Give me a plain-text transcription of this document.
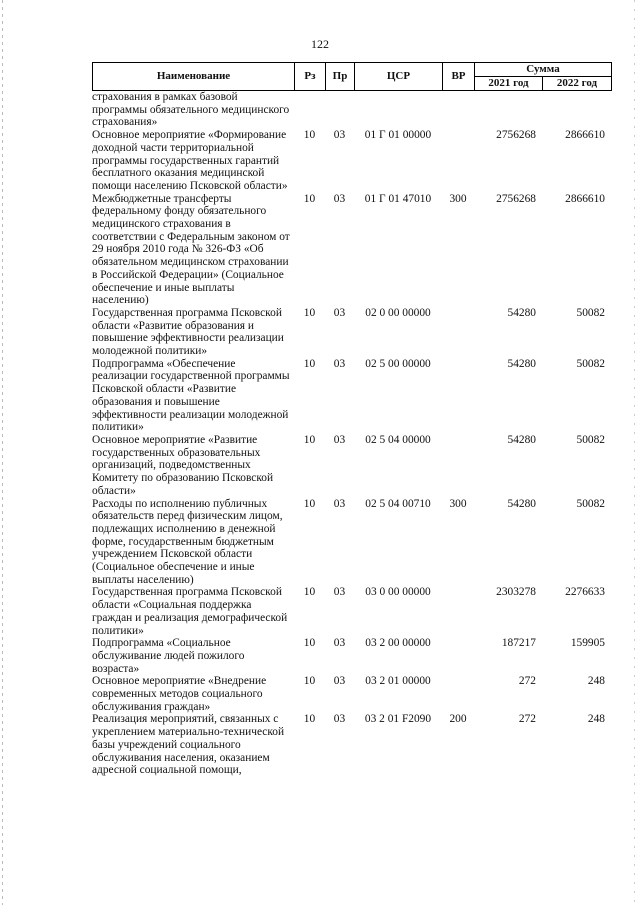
122
Наименование	Рз	Пр	ЦСР	ВР	Сумма	
					2021 год	2022 год
страхования в рамках базовой программы обязательного медицинского страхования»						
Основное мероприятие «Формирование доходной части территориальной программы государственных гарантий бесплатного оказания медицинской помощи населению Псковской области»	10	03	01 Г 01 00000		2756268	2866610
Межбюджетные трансферты федеральному фонду обязательного медицинского страхования в соответствии с Федеральным законом от 29 ноября 2010 года № 326-ФЗ «Об обязательном медицинском страховании в Российской Федерации» (Социальное обеспечение и иные выплаты населению)	10	03	01 Г 01 47010	300	2756268	2866610
Государственная программа Псковской области «Развитие образования и повышение эффективности реализации молодежной политики»	10	03	02 0 00 00000		54280	50082
Подпрограмма «Обеспечение реализации государственной программы Псковской области «Развитие образования и повышение эффективности реализации молодежной политики»	10	03	02 5 00 00000		54280	50082
Основное мероприятие «Развитие государственных образовательных организаций, подведомственных Комитету по образованию Псковской области»	10	03	02 5 04 00000		54280	50082
Расходы по исполнению публичных обязательств перед физическим лицом, подлежащих исполнению в денежной форме, государственным бюджетным учреждением Псковской области (Социальное обеспечение и иные выплаты населению)	10	03	02 5 04 00710	300	54280	50082
Государственная программа Псковской области «Социальная поддержка граждан и реализация демографической политики»	10	03	03 0 00 00000		2303278	2276633
Подпрограмма «Социальное обслуживание людей пожилого возраста»	10	03	03 2 00 00000		187217	159905
Основное мероприятие «Внедрение современных методов социального обслуживания граждан»	10	03	03 2 01 00000		272	248
Реализация мероприятий, связанных с укреплением материально-технической базы учреждений социального обслуживания населения, оказанием адресной социальной помощи,	10	03	03 2 01 F2090	200	272	248
